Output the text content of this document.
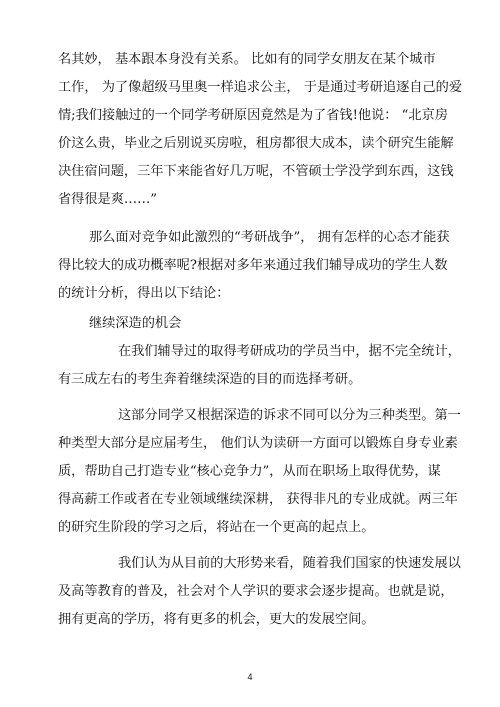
名其妙， 基本跟本身没有关系。 比如有的同学女朋友在某个城市

工作， 为了像超级马里奥一样追求公主， 于是通过考研追逐自己的爱

情;我们接触过的一个同学考研原因竟然是为了省钱!他说： “北京房

价这么贵，毕业之后别说买房啦，租房都很大成本，读个研究生能解

决住宿问题，三年下来能省好几万呢，不管硕士学没学到东西，这钱

省得很是爽……”

那么面对竞争如此激烈的“考研战争”， 拥有怎样的心态才能获

得比较大的成功概率呢?根据对多年来通过我们辅导成功的学生人数

的统计分析，得出以下结论：

继续深造的机会

在我们辅导过的取得考研成功的学员当中，据不完全统计，

有三成左右的考生奔着继续深造的目的而选择考研。

这部分同学又根据深造的诉求不同可以分为三种类型。第一

种类型大部分是应届考生， 他们认为读研一方面可以锻炼自身专业素

质，帮助自己打造专业“核心竞争力”，从而在职场上取得优势，谋

得高薪工作或者在专业领域继续深耕， 获得非凡的专业成就。两三年

的研究生阶段的学习之后，将站在一个更高的起点上。

我们认为从目前的大形势来看，随着我们国家的快速发展以

及高等教育的普及，社会对个人学识的要求会逐步提高。也就是说，

拥有更高的学历，将有更多的机会，更大的发展空间。

4
